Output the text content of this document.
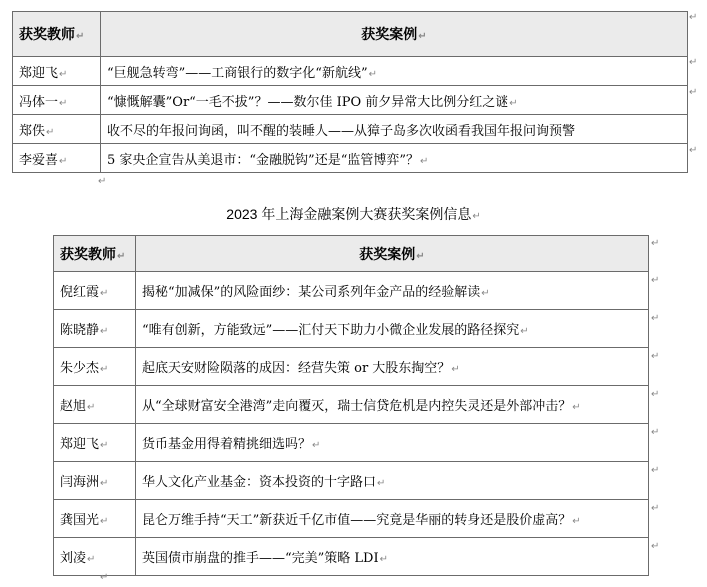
获奖教师↵	获奖案例↵
郑迎飞↵	“巨舰急转弯”——工商银行的数字化“新航线”↵
冯体一↵	“慷慨解囊”Or“一毛不拔”？——数尔佳 IPO 前夕异常大比例分红之谜↵
郑佚↵	收不尽的年报问询函，叫不醒的装睡人——从獐子岛多次收函看我国年报问询预警
李爱喜↵	5 家央企宣告从美退市：“金融脱钩”还是“监管博弈”？↵
↵
↵
↵
↵
↵
2023 年上海金融案例大赛获奖案例信息↵
获奖教师↵	获奖案例↵
倪红霞↵	揭秘“加减保”的风险面纱：某公司系列年金产品的经验解读↵
陈晓静↵	“唯有创新，方能致远”——汇付天下助力小微企业发展的路径探究↵
朱少杰↵	起底天安财险陨落的成因：经营失策 or 大股东掏空？↵
赵旭↵	从“全球财富安全港湾”走向覆灭，瑞士信贷危机是内控失灵还是外部冲击？↵
郑迎飞↵	货币基金用得着精挑细选吗？↵
闫海洲↵	华人文化产业基金：资本投资的十字路口↵
龚国光↵	昆仑万维手持“天工”新获近千亿市值——究竟是华丽的转身还是股价虚高？↵
刘凌↵	英国债市崩盘的推手——“完美”策略 LDI↵
↵
↵
↵
↵
↵
↵
↵
↵
↵
↵
